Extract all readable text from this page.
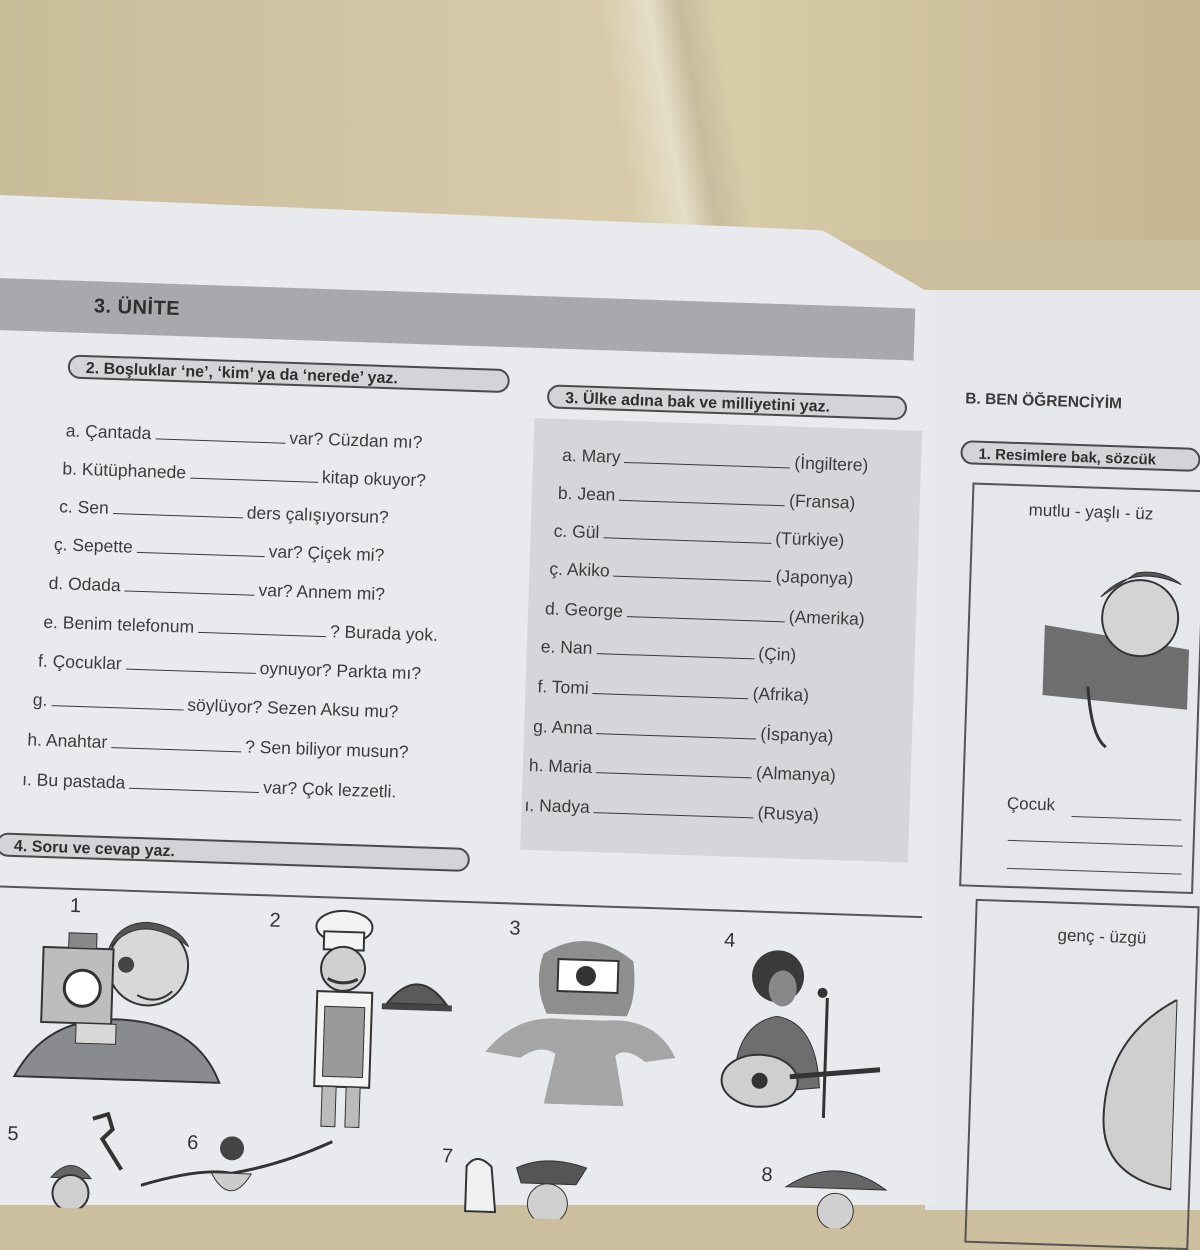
3. ÜNİTE
2. Boşluklar ‘ne’, ‘kim’ ya da ‘nerede’ yaz.
a. Çantada	var? Cüzdan mı?
b. Kütüphanede	kitap okuyor?
c. Sen	ders çalışıyorsun?
ç. Sepette	var? Çiçek mi?
d. Odada	var? Annem mi?
e. Benim telefonum	? Burada yok.
f. Çocuklar	oynuyor? Parkta mı?
g.	söylüyor? Sezen Aksu mu?
h. Anahtar	? Sen biliyor musun?
ı. Bu pastada	var? Çok lezzetli.
3. Ülke adına bak ve milliyetini yaz.
a. Mary	(İngiltere)
b. Jean	(Fransa)
c. Gül	(Türkiye)
ç. Akiko	(Japonya)
d. George	(Amerika)
e. Nan	(Çin)
f. Tomi	(Afrika)
g. Anna	(İspanya)
h. Maria	(Almanya)
ı. Nadya	(Rusya)
4. Soru ve cevap yaz.
1
2	3
4
5	6
7
8
B. BEN ÖĞRENCİYİM
1. Resimlere bak, sözcük
mutlu - yaşlı - üz
Çocuk
genç - üzgü
